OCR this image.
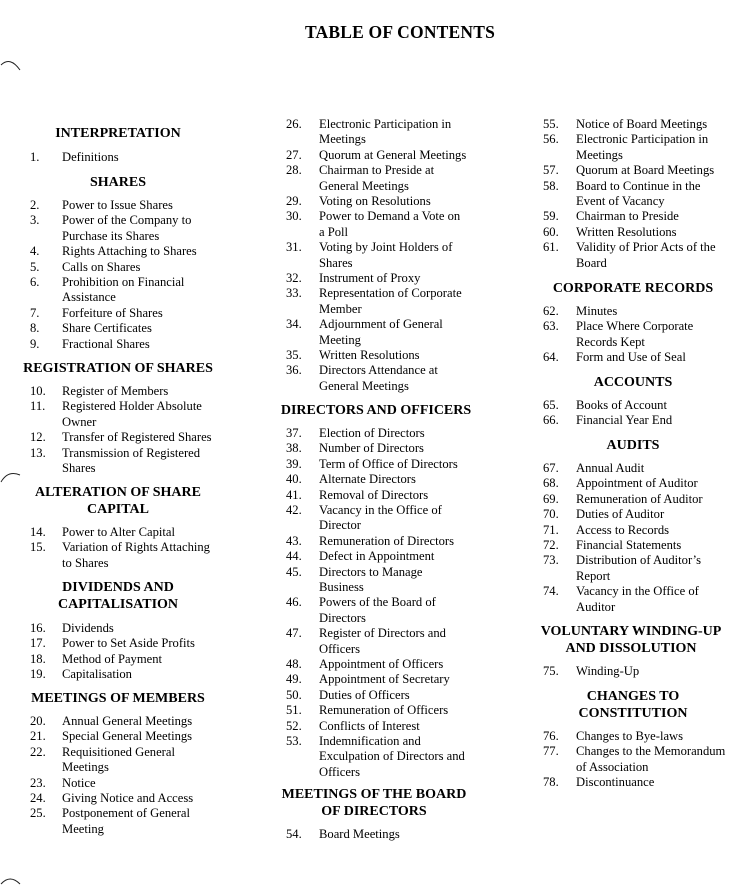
TABLE OF CONTENTS
INTERPRETATION
1. Definitions
SHARES
2. Power to Issue Shares
3. Power of the Company to
Purchase its Shares
4. Rights Attaching to Shares
5. Calls on Shares
6. Prohibition on Financial
Assistance
7. Forfeiture of Shares
8. Share Certificates
9. Fractional Shares
REGISTRATION OF SHARES
10. Register of Members
11. Registered Holder Absolute
Owner
12. Transfer of Registered Shares
13. Transmission of Registered
Shares
ALTERATION OF SHARE
CAPITAL
14. Power to Alter Capital
15. Variation of Rights Attaching
to Shares
DIVIDENDS AND
CAPITALISATION
16. Dividends
17. Power to Set Aside Profits
18. Method of Payment
19. Capitalisation
MEETINGS OF MEMBERS
20. Annual General Meetings
21. Special General Meetings
22. Requisitioned General
Meetings
23. Notice
24. Giving Notice and Access
25. Postponement of General
Meeting
26. Electronic Participation in
Meetings
27. Quorum at General Meetings
28. Chairman to Preside at
General Meetings
29. Voting on Resolutions
30. Power to Demand a Vote on
a Poll
31. Voting by Joint Holders of
Shares
32. Instrument of Proxy
33. Representation of Corporate
Member
34. Adjournment of General
Meeting
35. Written Resolutions
36. Directors Attendance at
General Meetings
DIRECTORS AND OFFICERS
37. Election of Directors
38. Number of Directors
39. Term of Office of Directors
40. Alternate Directors
41. Removal of Directors
42. Vacancy in the Office of
Director
43. Remuneration of Directors
44. Defect in Appointment
45. Directors to Manage
Business
46. Powers of the Board of
Directors
47. Register of Directors and
Officers
48. Appointment of Officers
49. Appointment of Secretary
50. Duties of Officers
51. Remuneration of Officers
52. Conflicts of Interest
53. Indemnification and
Exculpation of Directors and
Officers
MEETINGS OF THE BOARD
OF DIRECTORS
54. Board Meetings
55. Notice of Board Meetings
56. Electronic Participation in
Meetings
57. Quorum at Board Meetings
58. Board to Continue in the
Event of Vacancy
59. Chairman to Preside
60. Written Resolutions
61. Validity of Prior Acts of the
Board
CORPORATE RECORDS
62. Minutes
63. Place Where Corporate
Records Kept
64. Form and Use of Seal
ACCOUNTS
65. Books of Account
66. Financial Year End
AUDITS
67. Annual Audit
68. Appointment of Auditor
69. Remuneration of Auditor
70. Duties of Auditor
71. Access to Records
72. Financial Statements
73. Distribution of Auditor’s
Report
74. Vacancy in the Office of
Auditor
VOLUNTARY WINDING-UP
AND DISSOLUTION
75. Winding-Up
CHANGES TO
CONSTITUTION
76. Changes to Bye-laws
77. Changes to the Memorandum
of Association
78. Discontinuance
